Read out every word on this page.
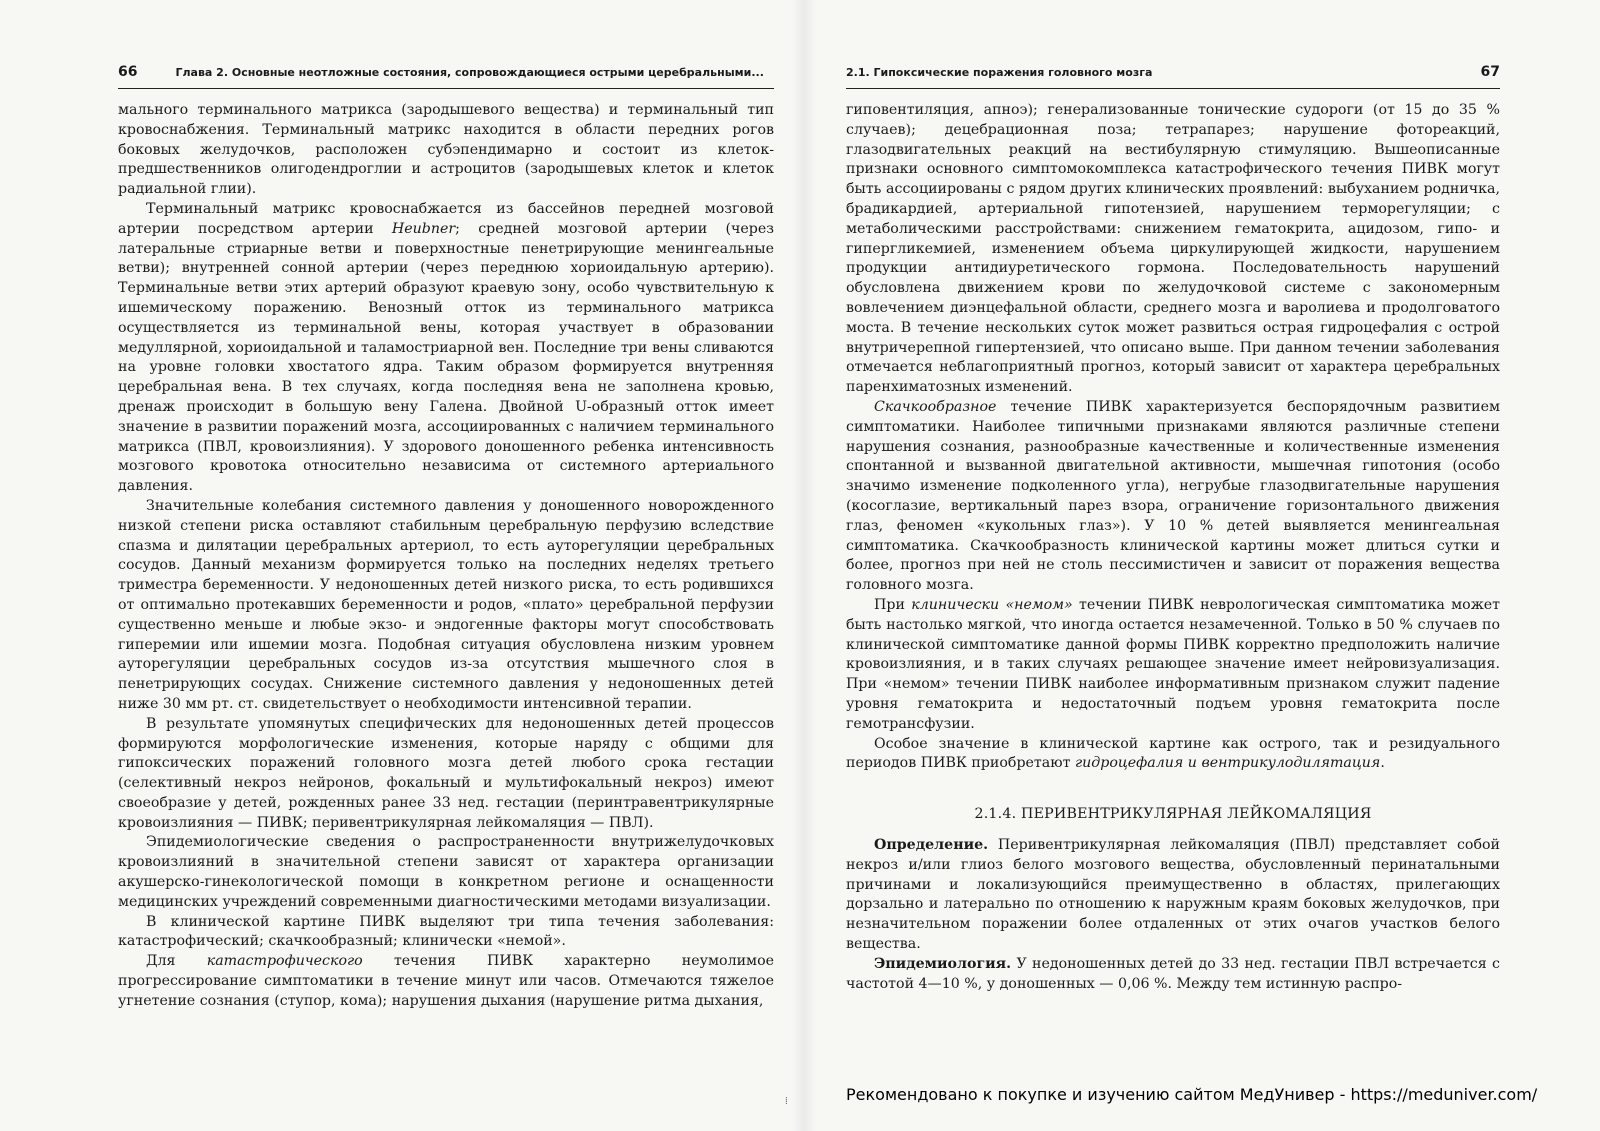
66	Глава 2. Основные неотложные состояния, сопровождающиеся острыми церебральными...

мального терминального матрикса (зародышевого вещества) и терминальный тип кровоснабжения. Терминальный матрикс находится в области передних рогов боковых желудочков, расположен субэпендимарно и состоит из клеток-предшественников олигодендроглии и астроцитов (зародышевых клеток и клеток радиальной глии).

Терминальный матрикс кровоснабжается из бассейнов передней мозговой артерии посредством артерии Heubner; средней мозговой артерии (через латеральные стриарные ветви и поверхностные пенетрирующие менингеальные ветви); внутренней сонной артерии (через переднюю хориоидальную артерию). Терминальные ветви этих артерий образуют краевую зону, особо чувствительную к ишемическому поражению. Венозный отток из терминального матрикса осуществляется из терминальной вены, которая участвует в образовании медуллярной, хориоидальной и таламостриарной вен. Последние три вены сливаются на уровне головки хвостатого ядра. Таким образом формируется внутренняя церебральная вена. В тех случаях, когда последняя вена не заполнена кровью, дренаж происходит в большую вену Галена. Двойной U-образный отток имеет значение в развитии поражений мозга, ассоциированных с наличием терминального матрикса (ПВЛ, кровоизлияния). У здорового доношенного ребенка интенсивность мозгового кровотока относительно независима от системного артериального давления.

Значительные колебания системного давления у доношенного новорожденного низкой степени риска оставляют стабильным церебральную перфузию вследствие спазма и дилятации церебральных артериол, то есть ауторегуляции церебральных сосудов. Данный механизм формируется только на последних неделях третьего триместра беременности. У недоношенных детей низкого риска, то есть родившихся от оптимально протекавших беременности и родов, «плато» церебральной перфузии существенно меньше и любые экзо- и эндогенные факторы могут способствовать гиперемии или ишемии мозга. Подобная ситуация обусловлена низким уровнем ауторегуляции церебральных сосудов из-за отсутствия мышечного слоя в пенетрирующих сосудах. Снижение системного давления у недоношенных детей ниже 30 мм рт. ст. свидетельствует о необходимости интенсивной терапии.

В результате упомянутых специфических для недоношенных детей процессов формируются морфологические изменения, которые наряду с общими для гипоксических поражений головного мозга детей любого срока гестации (селективный некроз нейронов, фокальный и мультифокальный некроз) имеют своеобразие у детей, рожденных ранее 33 нед. гестации (перинтравентрикулярные кровоизлияния — ПИВК; перивентрикулярная лейкомаляция — ПВЛ).

Эпидемиологические сведения о распространенности внутрижелудочковых кровоизлияний в значительной степени зависят от характера организации акушерско-гинекологической помощи в конкретном регионе и оснащенности медицинских учреждений современными диагностическими методами визуализации.

В клинической картине ПИВК выделяют три типа течения заболевания: катастрофический; скачкообразный; клинически «немой».

Для катастрофического течения ПИВК характерно неумолимое прогрессирование симптоматики в течение минут или часов. Отмечаются тяжелое угнетение сознания (ступор, кома); нарушения дыхания (нарушение ритма дыхания,

2.1. Гипоксические поражения головного мозга	67

гиповентиляция, апноэ); генерализованные тонические судороги (от 15 до 35 % случаев); децебрационная поза; тетрапарез; нарушение фотореакций, глазодвигательных реакций на вестибулярную стимуляцию. Вышеописанные признаки основного симптомокомплекса катастрофического течения ПИВК могут быть ассоциированы с рядом других клинических проявлений: выбуханием родничка, брадикардией, артериальной гипотензией, нарушением терморегуляции; с метаболическими расстройствами: снижением гематокрита, ацидозом, гипо- и гипергликемией, изменением объема циркулирующей жидкости, нарушением продукции антидиуретического гормона. Последовательность нарушений обусловлена движением крови по желудочковой системе с закономерным вовлечением диэнцефальной области, среднего мозга и варолиева и продолговатого моста. В течение нескольких суток может развиться острая гидроцефалия с острой внутричерепной гипертензией, что описано выше. При данном течении заболевания отмечается неблагоприятный прогноз, который зависит от характера церебральных паренхиматозных изменений.

Скачкообразное течение ПИВК характеризуется беспорядочным развитием симптоматики. Наиболее типичными признаками являются различные степени нарушения сознания, разнообразные качественные и количественные изменения спонтанной и вызванной двигательной активности, мышечная гипотония (особо значимо изменение подколенного угла), негрубые глазодвигательные нарушения (косоглазие, вертикальный парез взора, ограничение горизонтального движения глаз, феномен «кукольных глаз»). У 10 % детей выявляется менингеальная симптоматика. Скачкообразность клинической картины может длиться сутки и более, прогноз при ней не столь пессимистичен и зависит от поражения вещества головного мозга.

При клинически «немом» течении ПИВК неврологическая симптоматика может быть настолько мягкой, что иногда остается незамеченной. Только в 50 % случаев по клинической симптоматике данной формы ПИВК корректно предположить наличие кровоизлияния, и в таких случаях решающее значение имеет нейровизуализация. При «немом» течении ПИВК наиболее информативным признаком служит падение уровня гематокрита и недостаточный подъем уровня гематокрита после гемотрансфузии.

Особое значение в клинической картине как острого, так и резидуального периодов ПИВК приобретают гидроцефалия и вентрикулодилятация.

2.1.4. ПЕРИВЕНТРИКУЛЯРНАЯ ЛЕЙКОМАЛЯЦИЯ

Определение. Перивентрикулярная лейкомаляция (ПВЛ) представляет собой некроз и/или глиоз белого мозгового вещества, обусловленный перинатальными причинами и локализующийся преимущественно в областях, прилегающих дорзально и латерально по отношению к наружным краям боковых желудочков, при незначительном поражении более отдаленных от этих очагов участков белого вещества.

Эпидемиология. У недоношенных детей до 33 нед. гестации ПВЛ встречается с частотой 4—10 %, у доношенных — 0,06 %. Между тем истинную распро-

⁞	Рекомендовано к покупке и изучению сайтом МедУнивер - https://meduniver.com/
